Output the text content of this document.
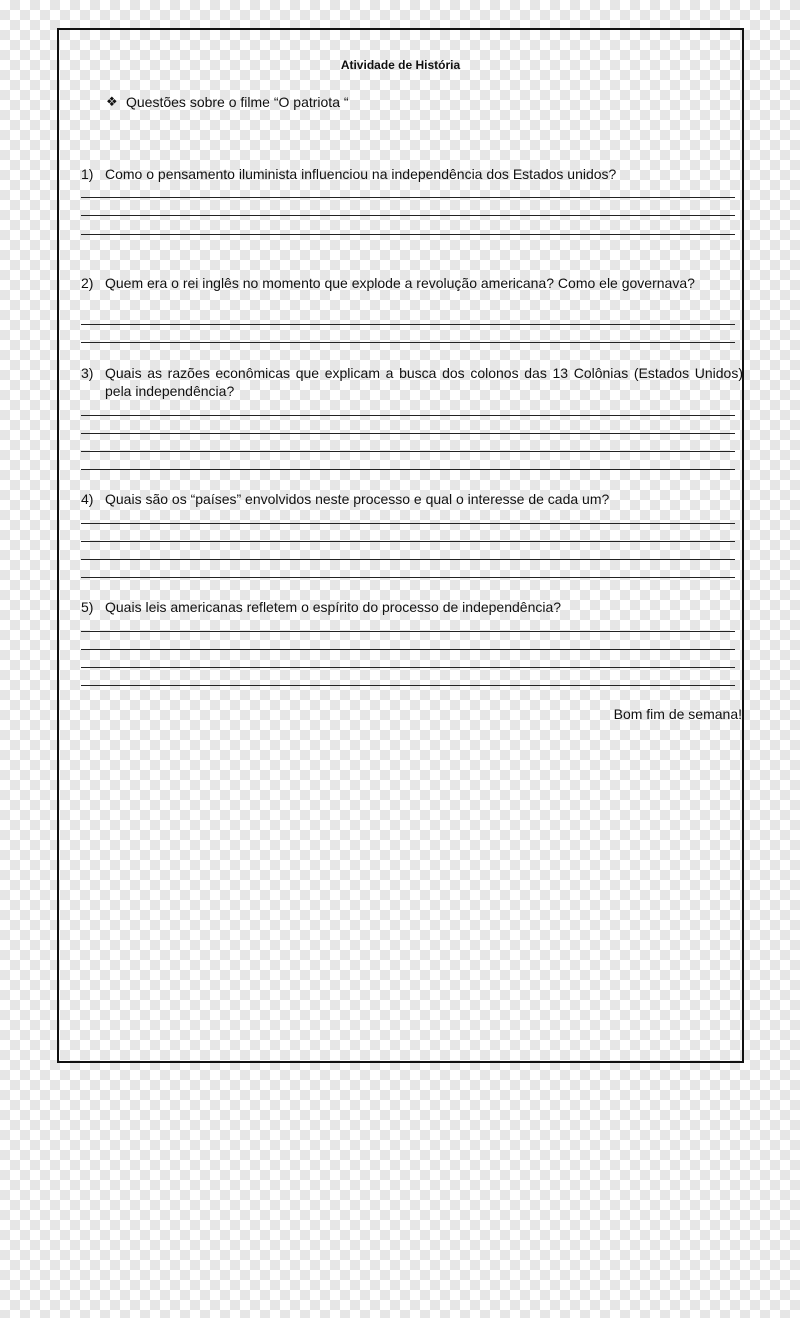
Atividade de História
❖ Questões sobre o filme “O patriota “
1) Como o pensamento iluminista influenciou na independência dos Estados unidos?
2) Quem era o rei inglês no momento que explode a revolução americana? Como ele governava?
3) Quais as razões econômicas que explicam a busca dos colonos das 13 Colônias (Estados Unidos) pela independência?
4) Quais são os “países” envolvidos neste processo e qual o interesse de cada um?
5) Quais leis americanas refletem o espírito do processo de independência?
Bom fim de semana!
